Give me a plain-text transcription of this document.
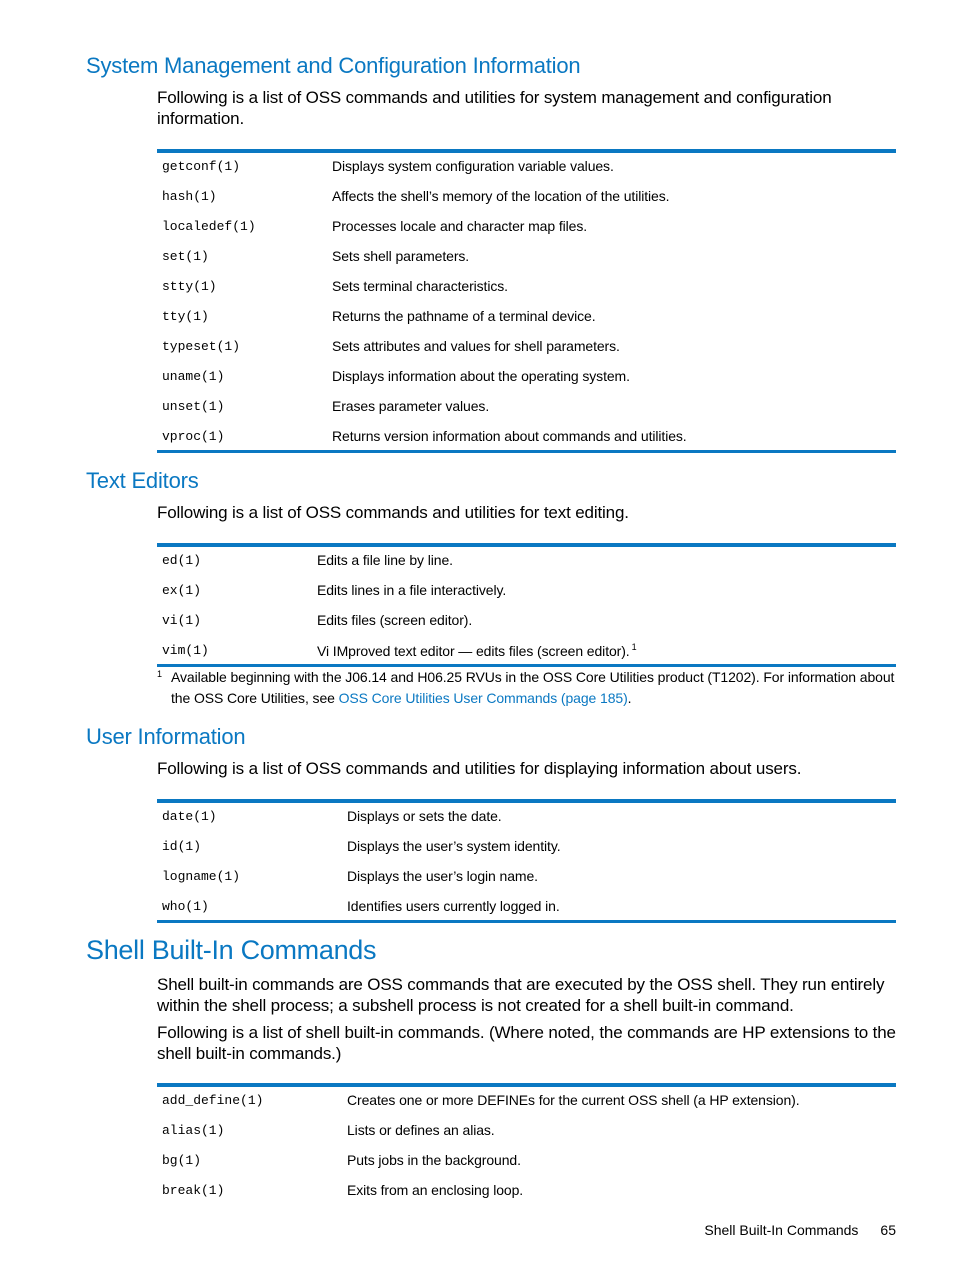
System Management and Configuration Information

Following is a list of OSS commands and utilities for system management and configuration information.

getconf(1)	Displays system configuration variable values.
hash(1)	Affects the shell’s memory of the location of the utilities.
localedef(1)	Processes locale and character map files.
set(1)	Sets shell parameters.
stty(1)	Sets terminal characteristics.
tty(1)	Returns the pathname of a terminal device.
typeset(1)	Sets attributes and values for shell parameters.
uname(1)	Displays information about the operating system.
unset(1)	Erases parameter values.
vproc(1)	Returns version information about commands and utilities.
Text Editors

Following is a list of OSS commands and utilities for text editing.

ed(1)	Edits a file line by line.
ex(1)	Edits lines in a file interactively.
vi(1)	Edits files (screen editor).
vim(1)	Vi IMproved text editor — edits files (screen editor). $^1$
1 Available beginning with the J06.14 and H06.25 RVUs in the OSS Core Utilities product (T1202). For information about the OSS Core Utilities, see OSS Core Utilities User Commands (page 185).
User Information

Following is a list of OSS commands and utilities for displaying information about users.

date(1)	Displays or sets the date.
id(1)	Displays the user’s system identity.
logname(1)	Displays the user’s login name.
who(1)	Identifies users currently logged in.
Shell Built-In Commands

Shell built-in commands are OSS commands that are executed by the OSS shell. They run entirely within the shell process; a subshell process is not created for a shell built-in command.

Following is a list of shell built-in commands. (Where noted, the commands are HP extensions to the shell built-in commands.)

add_define(1)	Creates one or more DEFINEs for the current OSS shell (a HP extension).
alias(1)	Lists or defines an alias.
bg(1)	Puts jobs in the background.
break(1)	Exits from an enclosing loop.
Shell Built-In Commands 65
